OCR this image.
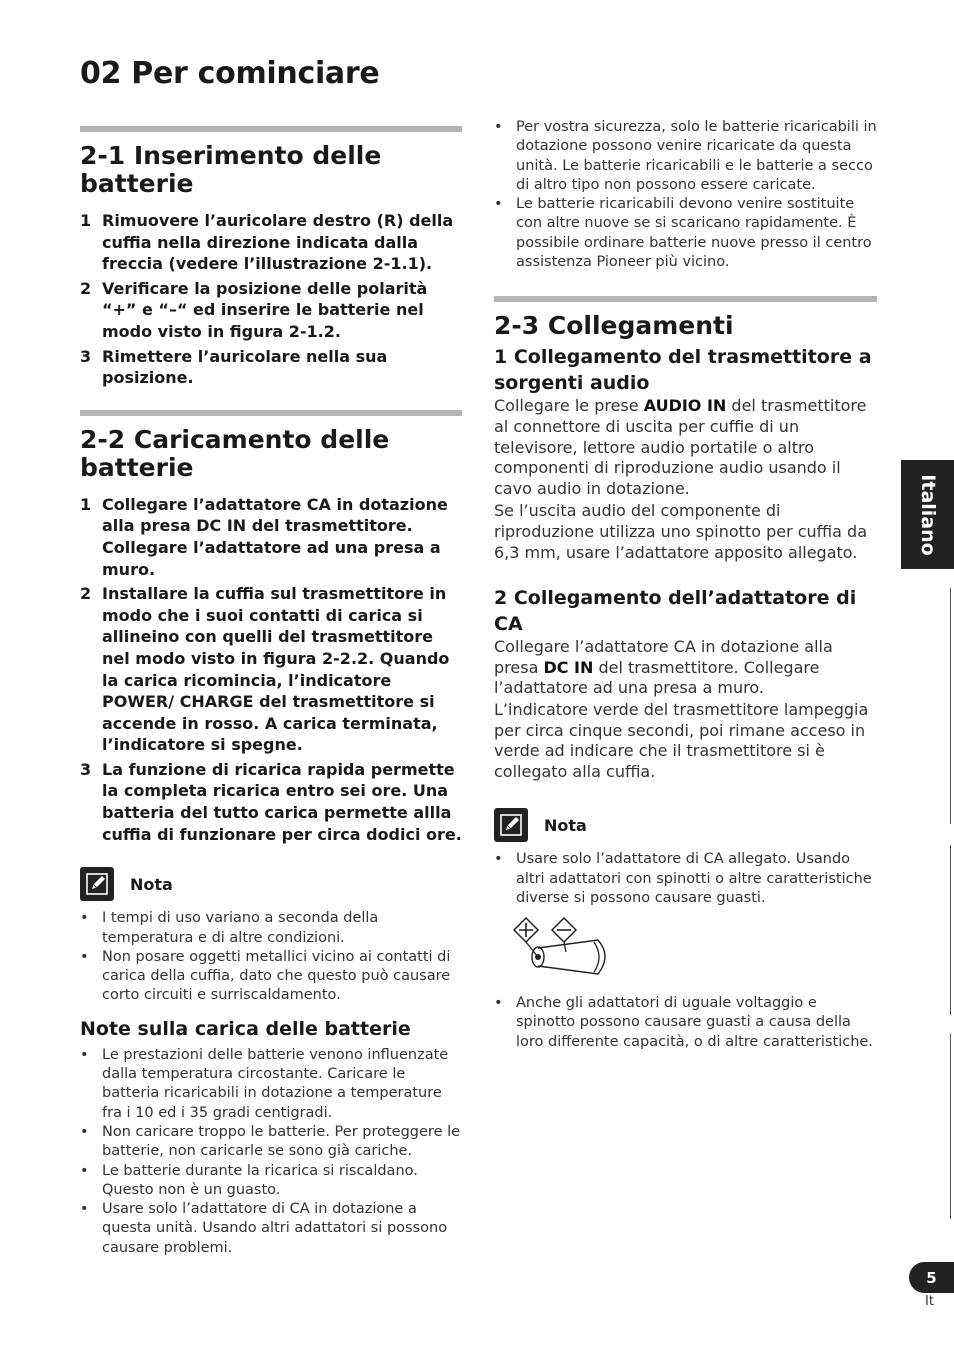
02 Per cominciare
2-1 Inserimento delle batterie
1 Rimuovere l’auricolare destro (R) della cuffia nella direzione indicata dalla freccia (vedere l’illustrazione 2-1.1).
2 Verificare la posizione delle polarità “+” e “–“ ed inserire le batterie nel modo visto in figura 2-1.2.
3 Rimettere l’auricolare nella sua posizione.
2-2 Caricamento delle batterie
1 Collegare l’adattatore CA in dotazione alla presa DC IN del trasmettitore. Collegare l’adattatore ad una presa a muro.
2 Installare la cuffia sul trasmettitore in modo che i suoi contatti di carica si allineino con quelli del trasmettitore nel modo visto in figura 2-2.2. Quando la carica ricomincia, l’indicatore POWER/ CHARGE del trasmettitore si accende in rosso. A carica terminata, l’indicatore si spegne.
3 La funzione di ricarica rapida permette la completa ricarica entro sei ore. Una batteria del tutto carica permette allla cuffia di funzionare per circa dodici ore.
Nota
• I tempi di uso variano a seconda della temperatura e di altre condizioni.
• Non posare oggetti metallici vicino ai contatti di carica della cuffia, dato che questo può causare corto circuiti e surriscaldamento.
Note sulla carica delle batterie
• Le prestazioni delle batterie venono influenzate dalla temperatura circostante. Caricare le batteria ricaricabili in dotazione a temperature fra i 10 ed i 35 gradi centigradi.
• Non caricare troppo le batterie. Per proteggere le batterie, non caricarle se sono già cariche.
• Le batterie durante la ricarica si riscaldano. Questo non è un guasto.
• Usare solo l’adattatore di CA in dotazione a questa unità. Usando altri adattatori si possono causare problemi.
• Per vostra sicurezza, solo le batterie ricaricabili in dotazione possono venire ricaricate da questa unità. Le batterie ricaricabili e le batterie a secco di altro tipo non possono essere caricate.
• Le batterie ricaricabili devono venire sostituite con altre nuove se si scaricano rapidamente. È possibile ordinare batterie nuove presso il centro assistenza Pioneer più vicino.
2-3 Collegamenti
1 Collegamento del trasmettitore a sorgenti audio
Collegare le prese AUDIO IN del trasmettitore al connettore di uscita per cuffie di un televisore, lettore audio portatile o altro componenti di riproduzione audio usando il cavo audio in dotazione.
Se l’uscita audio del componente di riproduzione utilizza uno spinotto per cuffia da 6,3 mm, usare l’adattatore apposito allegato.
2 Collegamento dell’adattatore di CA
Collegare l’adattatore CA in dotazione alla presa DC IN del trasmettitore. Collegare l’adattatore ad una presa a muro.
L’indicatore verde del trasmettitore lampeggia per circa cinque secondi, poi rimane acceso in verde ad indicare che il trasmettitore si è collegato alla cuffia.
Nota
• Usare solo l’adattatore di CA allegato. Usando altri adattatori con spinotti o altre caratteristiche diverse si possono causare guasti.
• Anche gli adattatori di uguale voltaggio e spinotto possono causare guasti a causa della loro differente capacità, o di altre caratteristiche.
Italiano
5
It
